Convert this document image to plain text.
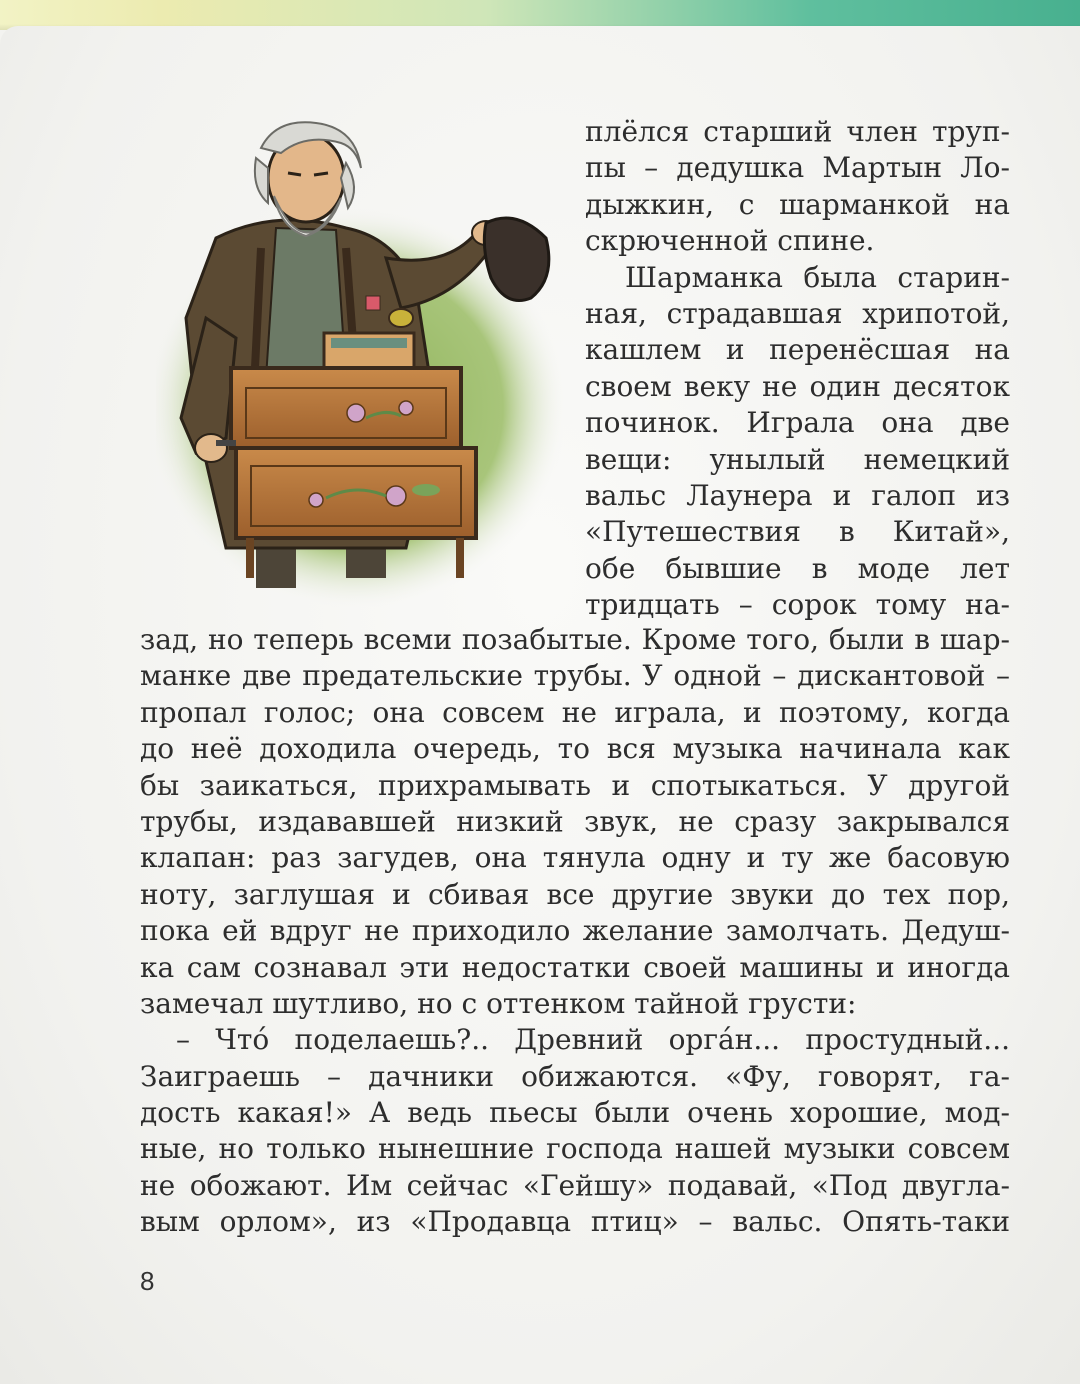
плёлся старший член труп-
пы – дедушка Мартын Ло-
дыжкин, с шарманкой на
скрюченной спине.
Шарманка была старин-
ная, страдавшая хрипотой,
кашлем и перенёсшая на
своем веку не один десяток
починок. Играла она две
вещи: унылый немецкий
вальс Лаунера и галоп из
«Путешествия в Китай»,
обе бывшие в моде лет
тридцать – сорок тому на-
зад, но теперь всеми позабытые. Кроме того, были в шар-
манке две предательские трубы. У одной – дискантовой –
пропал голос; она совсем не играла, и поэтому, когда
до неё доходила очередь, то вся музыка начинала как
бы заикаться, прихрамывать и спотыкаться. У другой
трубы, издававшей низкий звук, не сразу закрывался
клапан: раз загудев, она тянула одну и ту же басовую
ноту, заглушая и сбивая все другие звуки до тех пор,
пока ей вдруг не приходило желание замолчать. Дедуш-
ка сам сознавал эти недостатки своей машины и иногда
замечал шутливо, но с оттенком тайной грусти:
– Что́ поделаешь?.. Древний орга́н... простудный...
Заиграешь – дачники обижаются. «Фу, говорят, га-
дость какая!» А ведь пьесы были очень хорошие, мод-
ные, но только нынешние господа нашей музыки совсем
не обожают. Им сейчас «Гейшу» подавай, «Под двугла-
вым орлом», из «Продавца птиц» – вальс. Опять-таки
8
